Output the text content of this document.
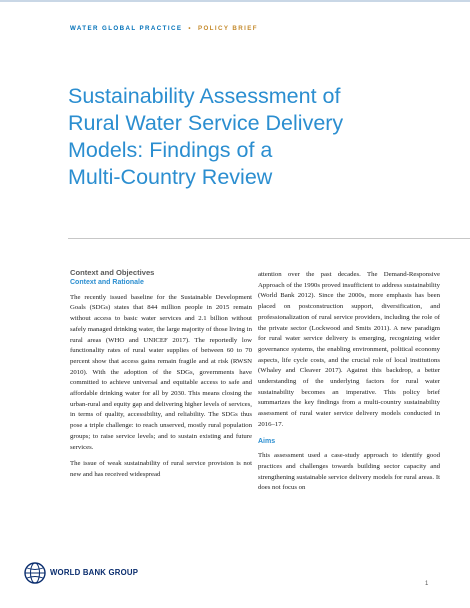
WATER GLOBAL PRACTICE • POLICY BRIEF
Sustainability Assessment of
Rural Water Service Delivery
Models: Findings of a
Multi-Country Review
Context and Objectives
Context and Rationale

The recently issued baseline for the Sustainable Development Goals (SDGs) states that 844 million people in 2015 remain without access to basic water services and 2.1 billion without safely managed drinking water, the large majority of those living in rural areas (WHO and UNICEF 2017). The reportedly low functionality rates of rural water supplies of between 60 to 70 percent show that access gains remain fragile and at risk (RWSN 2010). With the adoption of the SDGs, governments have committed to achieve universal and equitable access to safe and affordable drinking water for all by 2030. This means closing the urban-rural and equity gap and delivering higher levels of services, in terms of quality, accessibility, and reliability. The SDGs thus pose a triple challenge: to reach unserved, mostly rural population groups; to raise service levels; and to sustain existing and future services.

The issue of weak sustainability of rural service provision is not new and has received widespread

attention over the past decades. The Demand-Responsive Approach of the 1990s proved insufficient to address sustainability (World Bank 2012). Since the 2000s, more emphasis has been placed on postconstruction support, diversification, and professionalization of rural service providers, including the role of the private sector (Lockwood and Smits 2011). A new paradigm for rural water service delivery is emerging, recognizing wider governance systems, the enabling environment, political economy aspects, life cycle costs, and the crucial role of local institutions (Whaley and Cleaver 2017). Against this backdrop, a better understanding of the underlying factors for rural water sustainability becomes an imperative. This policy brief summarizes the key findings from a multi-country sustainability assessment of rural water service delivery models conducted in 2016–17.

Aims

This assessment used a case-study approach to identify good practices and challenges towards building sector capacity and strengthening sustainable service delivery models for rural areas. It does not focus on

WORLD BANK GROUP
1
